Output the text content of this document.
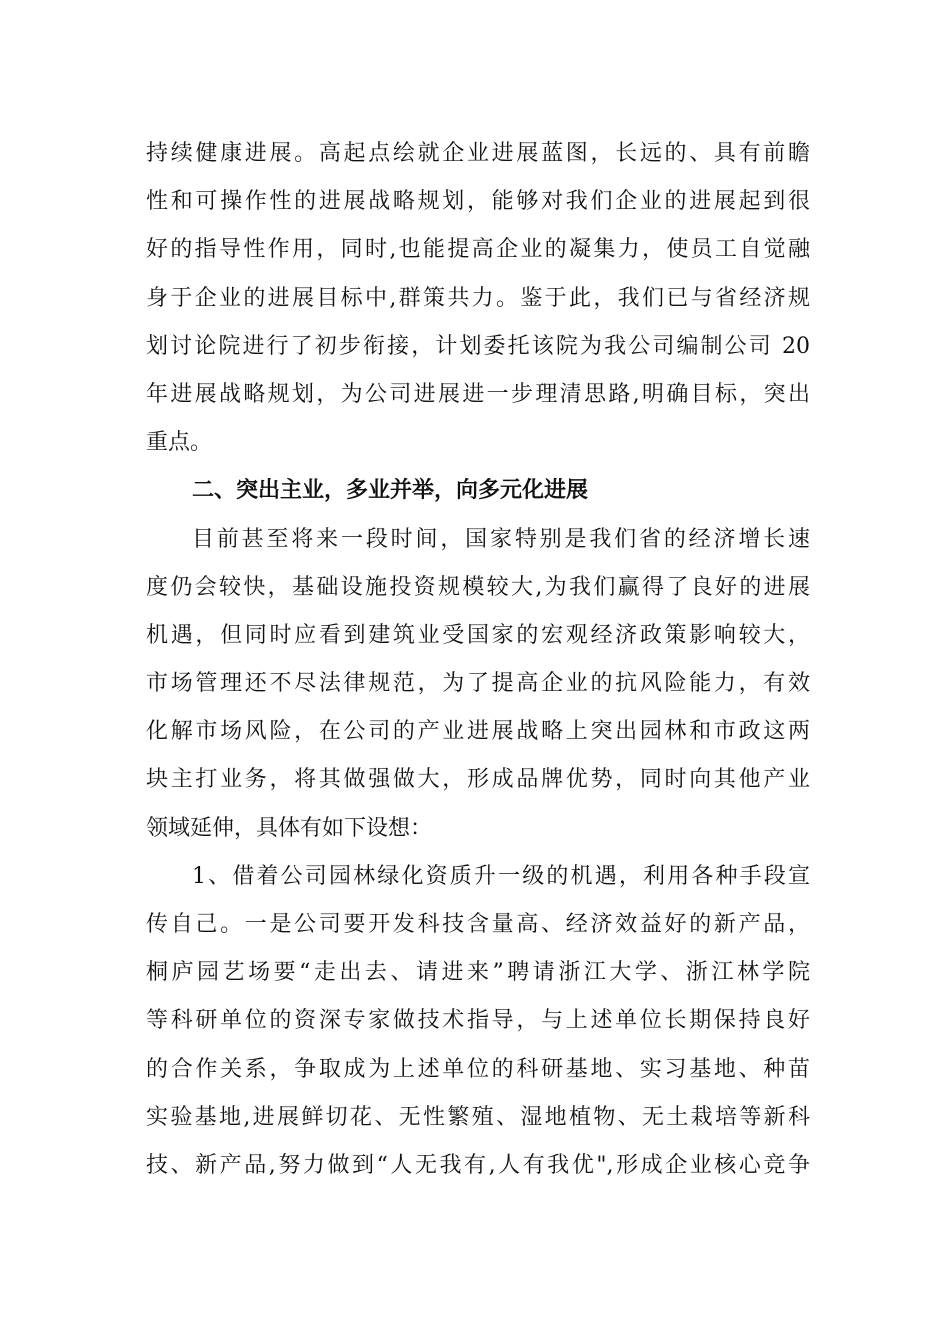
持续健康进展。高起点绘就企业进展蓝图，长远的、具有前瞻
性和可操作性的进展战略规划，能够对我们企业的进展起到很
好的指导性作用，同时,也能提高企业的凝集力，使员工自觉融
身于企业的进展目标中,群策共力。鉴于此，我们已与省经济规
划讨论院进行了初步衔接，计划委托该院为我公司编制公司 20
年进展战略规划，为公司进展进一步理清思路,明确目标，突出
重点。
二、突出主业，多业并举，向多元化进展
目前甚至将来一段时间，国家特别是我们省的经济增长速
度仍会较快，基础设施投资规模较大,为我们赢得了良好的进展
机遇，但同时应看到建筑业受国家的宏观经济政策影响较大，
市场管理还不尽法律规范，为了提高企业的抗风险能力，有效
化解市场风险，在公司的产业进展战略上突出园林和市政这两
块主打业务，将其做强做大，形成品牌优势，同时向其他产业
领域延伸，具体有如下设想：
1、借着公司园林绿化资质升一级的机遇，利用各种手段宣
传自己。一是公司要开发科技含量高、经济效益好的新产品，
桐庐园艺场要“走出去、请进来”聘请浙江大学、浙江林学院
等科研单位的资深专家做技术指导，与上述单位长期保持良好
的合作关系，争取成为上述单位的科研基地、实习基地、种苗
实验基地,进展鲜切花、无性繁殖、湿地植物、无土栽培等新科
技、新产品,努力做到“人无我有,人有我优",形成企业核心竞争
